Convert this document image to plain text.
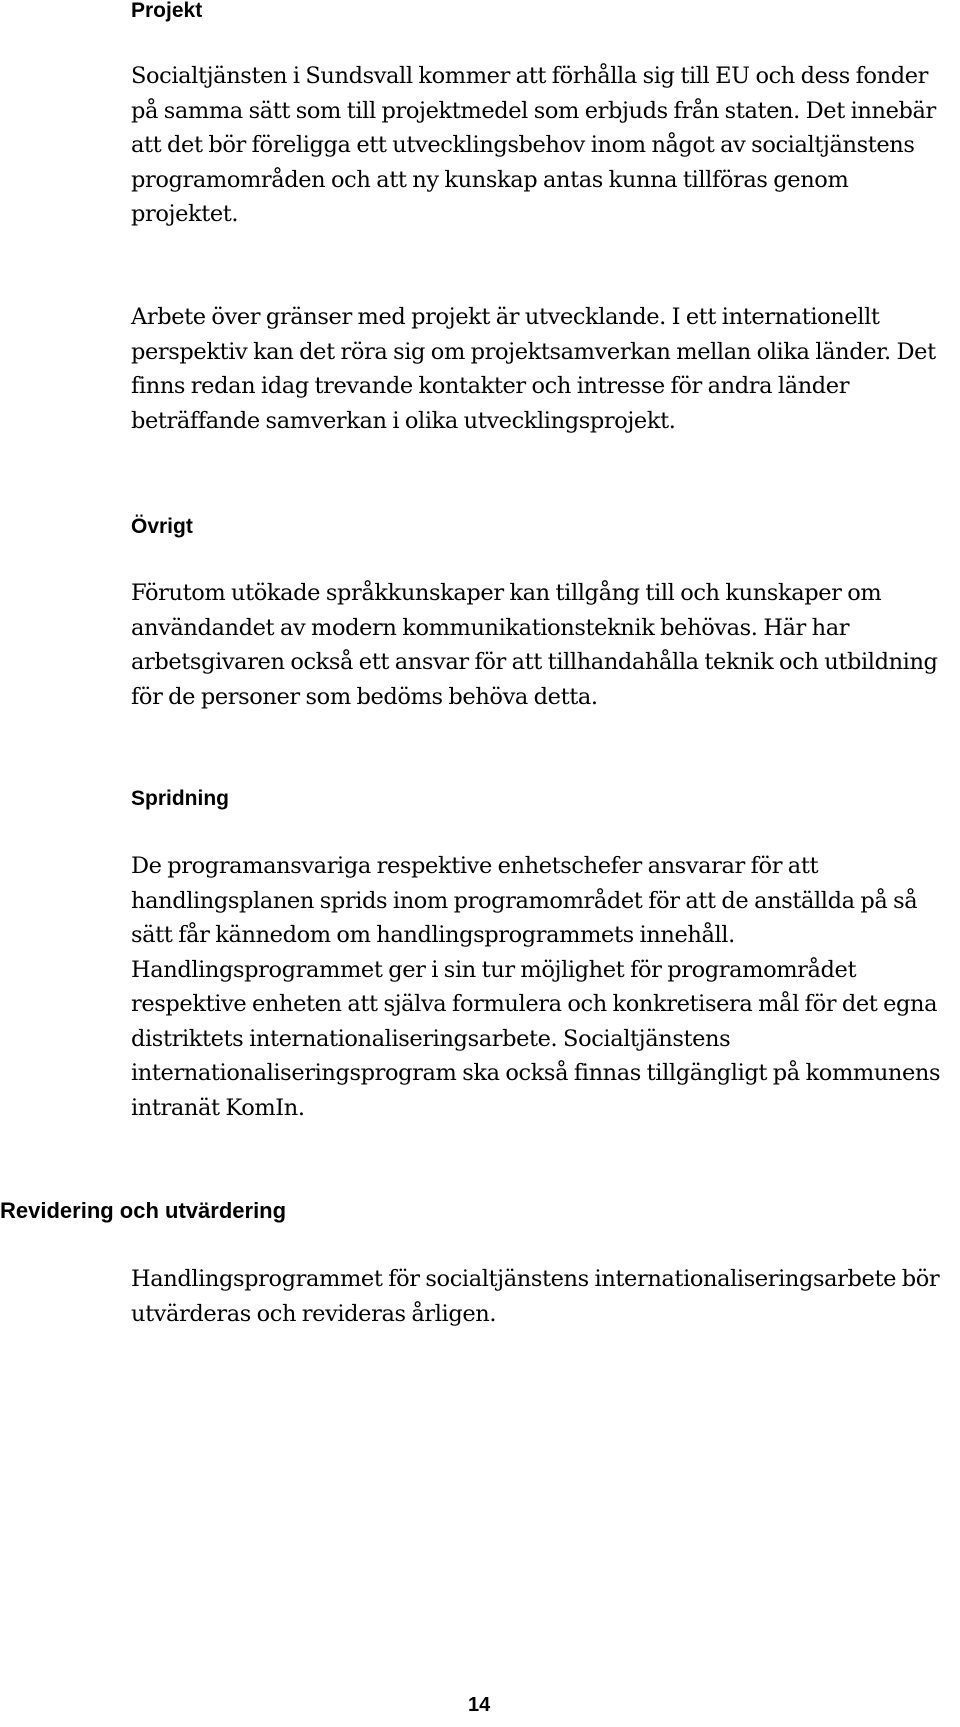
Projekt

Socialtjänsten i Sundsvall kommer att förhålla sig till EU och dess fonder på samma sätt som till projektmedel som erbjuds från staten. Det innebär att det bör föreligga ett utvecklingsbehov inom något av socialtjänstens programområden och att ny kunskap antas kunna tillföras genom projektet.

Arbete över gränser med projekt är utvecklande. I ett internationellt perspektiv kan det röra sig om projektsamverkan mellan olika länder. Det finns redan idag trevande kontakter och intresse för andra länder beträffande samverkan i olika utvecklingsprojekt.

Övrigt

Förutom utökade språkkunskaper kan tillgång till och kunskaper om användandet av modern kommunikationsteknik behövas. Här har arbetsgivaren också ett ansvar för att tillhandahålla teknik och utbildning för de personer som bedöms behöva detta.

Spridning

De programansvariga respektive enhetschefer ansvarar för att handlingsplanen sprids inom programområdet för att de anställda på så sätt får kännedom om handlingsprogrammets innehåll. Handlingsprogrammet ger i sin tur möjlighet för programområdet respektive enheten att själva formulera och konkretisera mål för det egna distriktets internationaliseringsarbete. Socialtjänstens internationaliseringsprogram ska också finnas tillgängligt på kommunens intranät KomIn.

Revidering och utvärdering

Handlingsprogrammet för socialtjänstens internationaliseringsarbete bör utvärderas och revideras årligen.

14
